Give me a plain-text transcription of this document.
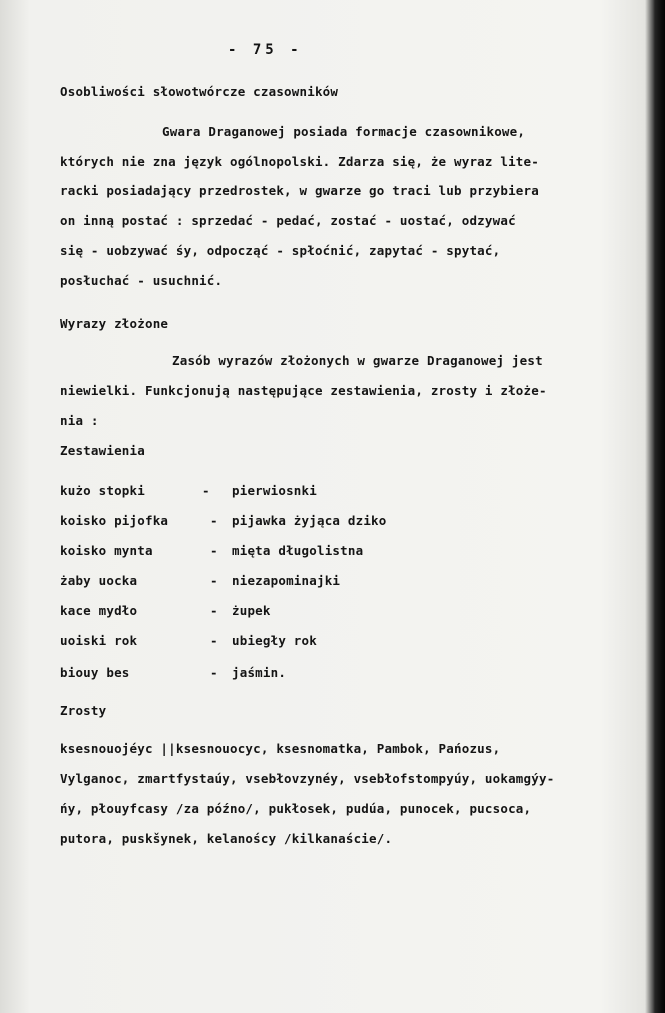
- 75 -
Osobliwości słowotwórcze czasowników
Gwara Draganowej posiada formacje czasownikowe,
których nie zna język ogólnopolski. Zdarza się, że wyraz lite-
racki posiadający przedrostek, w gwarze go traci lub przybiera
on inną postać : sprzedać - pedać, zostać - uostać, odzywać
się - uobzywać śy, odpocząć - spłoćnić, zapytać - spytać,
posłuchać - usuchnić.
Wyrazy złożone
Zasób wyrazów złożonych w gwarze Draganowej jest
niewielki. Funkcjonują następujące zestawienia, zrosty i złoże-
nia :
Zestawienia
kużo stopki	- pierwiosnki
koisko pijofka	- pijawka żyjąca dziko
koisko mynta	- mięta długolistna
żaby uocka	- niezapominajki
kace mydło	- żupek
uoiski rok	- ubiegły rok
biouy bes	- jaśmin.
Zrosty
ksesnouojéyc ||ksesnouocyc, ksesnomatka, Pambok, Pańozus,
Vylganoc, zmartfystaúy, vsebłovzynéy, vsebłofstompyúy, uokamgýy-
ńy, płouyfcasy /za późno/, pukłosek, pudúa, punocek, pucsoca,
putora, puskšynek, kelanoścy /kilkanaście/.
